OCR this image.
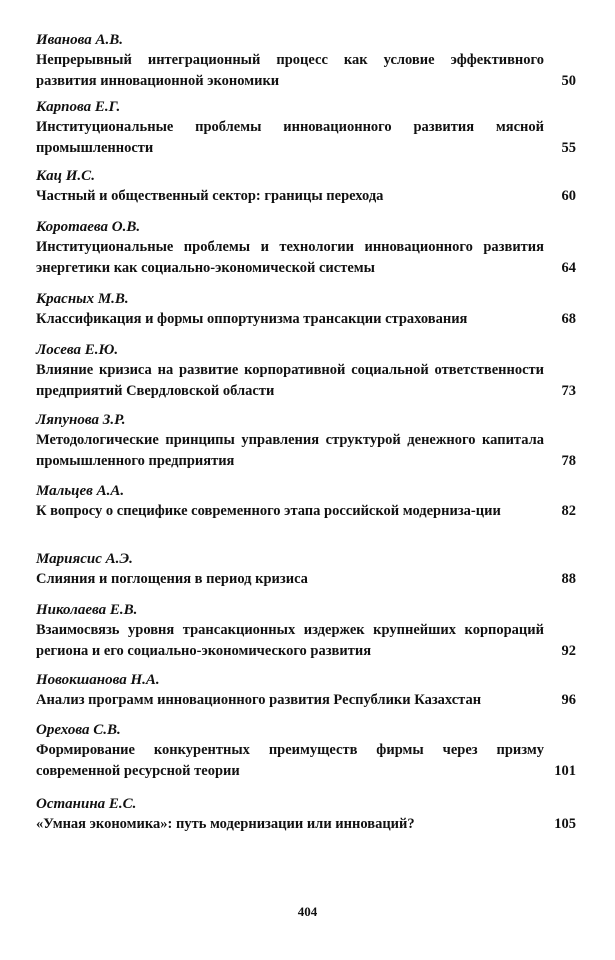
Иванова А.В.
Непрерывный интеграционный процесс как условие эффективного развития инновационной экономики	50
Карпова Е.Г.
Институциональные проблемы инновационного развития мясной промышленности	55
Кац И.С.
Частный и общественный сектор: границы перехода	60
Коротаева О.В.
Институциональные проблемы и технологии инновационного развития энергетики как социально-экономической системы	64
Красных М.В.
Классификация и формы оппортунизма трансакции страхования	68
Лосева Е.Ю.
Влияние кризиса на развитие корпоративной социальной ответственности предприятий Свердловской области	73
Ляпунова З.Р.
Методологические принципы управления структурой денежного капитала промышленного предприятия	78
Мальцев А.А.
К вопросу о специфике современного этапа российской модерниза-ции	82
Мариясис А.Э.
Слияния и поглощения в период кризиса	88
Николаева Е.В.
Взаимосвязь уровня трансакционных издержек крупнейших корпораций региона и его социально-экономического развития	92
Новокшанова Н.А.
Анализ программ инновационного развития Республики Казахстан	96
Орехова С.В.
Формирование конкурентных преимуществ фирмы через призму современной ресурсной теории	101
Останина Е.С.
«Умная экономика»: путь модернизации или инноваций?	105
404
